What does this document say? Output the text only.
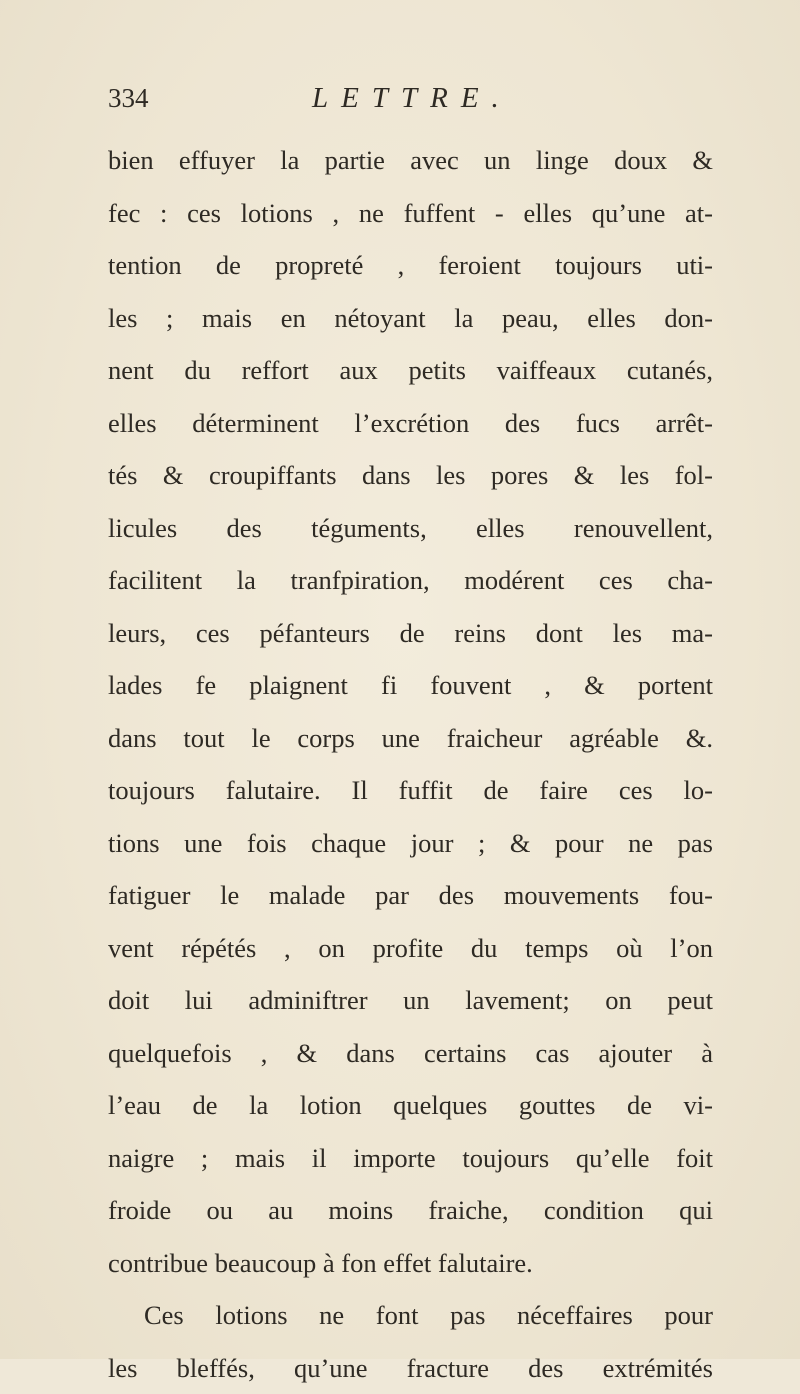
334	LETTRE.
bien effuyer la partie avec un linge doux &
fec : ces lotions , ne fuffent - elles qu’une at-
tention de propreté , feroient toujours uti-
les ; mais en nétoyant la peau, elles don-
nent du reffort aux petits vaiffeaux cutanés,
elles déterminent l’excrétion des fucs arrêt-
tés & croupiffants dans les pores & les fol-
licules des téguments, elles renouvellent,
facilitent la tranfpiration, modérent ces cha-
leurs, ces péfanteurs de reins dont les ma-
lades fe plaignent fi fouvent , & portent
dans tout le corps une fraicheur agréable &.
toujours falutaire. Il fuffit de faire ces lo-
tions une fois chaque jour ; & pour ne pas
fatiguer le malade par des mouvements fou-
vent répétés , on profite du temps où l’on
doit lui adminiftrer un lavement; on peut
quelquefois , & dans certains cas ajouter à
l’eau de la lotion quelques gouttes de vi-
naigre ; mais il importe toujours qu’elle foit
froide ou au moins fraiche, condition qui
contribue beaucoup à fon effet falutaire.
Ces lotions ne font pas néceffaires pour
les bleffés, qu’une fracture des extrémités
